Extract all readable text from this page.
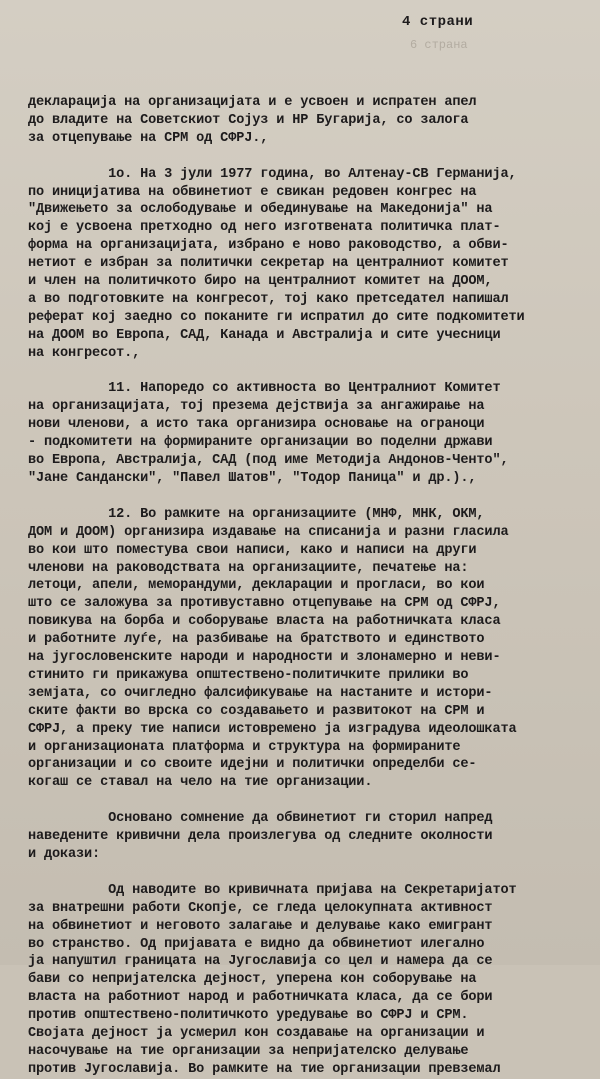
6 страна
4 страни
декларација на организацијата и е усвоен и испратен апел
до владите на Советскиот Сојуз и НР Бугарија, со залога
за отцепување на СРМ од СФРЈ.,
1о. На 3 јули 1977 година, во Алтенау-СВ Германија,
по иницијатива на обвинетиот е свикан редовен конгрес на
"Движењето за ослободување и обединување на Македонија" на
кој е усвоена претходно од него изготвената политичка плат-
форма на организацијата, избрано е ново раководство, а обви-
нетиот е избран за политички секретар на централниот комитет
и член на политичкото биро на централниот комитет на ДООМ,
а во подготовките на конгресот, тој како претседател напишал
реферат кој заедно со поканите ги испратил до сите подкомитети
на ДООМ во Европа, САД, Канада и Австралија и сите учесници
на конгресот.,
11. Напоредо со активноста во Централниот Комитет
на организацијата, тој презема дејствија за ангажирање на
нови членови, а исто така организира основање на ограноци
- подкомитети на формираните организации во поделни држави
во Европа, Австралија, САД (под име Методија Андонов-Ченто",
"Јане Сандански", "Павел Шатов", "Тодор Паница" и др.).,
12. Во рамките на организациите (МНФ, МНК, ОКМ,
ДОМ и ДООМ) организира издавање на списанија и разни гласила
во кои што поместува свои написи, како и написи на други
членови на раководствата на организациите, печатење на:
летоци, апели, меморандуми, декларации и прогласи, во кои
што се заложува за противуставно отцепување на СРМ од СФРЈ,
повикува на борба и соборување власта на работничката класа
и работните луѓе, на разбивање на братството и единството
на југословенските народи и народности и злонамерно и неви-
стинито ги прикажува општествено-политичките прилики во
земјата, со очигледно фалсификување на настаните и истори-
ските факти во врска со создавањето и развитокот на СРМ и
СФРЈ, а преку тие написи истовремено ја изградува идеолошката
и организационата платформа и структура на формираните
организации и со своите идејни и политички определби се-
когаш се ставал на чело на тие организации.
Основано сомнение да обвинетиот ги сторил напред
наведените кривични дела произлегува од следните околности
и докази:
Од наводите во кривичната пријава на Секретаријатот
за внатрешни работи Скопје, се гледа целокупната активност
на обвинетиот и неговото залагање и делување како емигрант
во странство. Од пријавата е видно да обвинетиот илегално
ја напуштил границата на Југославија со цел и намера да се
бави со непријателска дејност, уперена кон соборување на
власта на работниот народ и работничката класа, да се бори
против општествено-политичкото уредување во СФРЈ и СРМ.
Својата дејност ја усмерил кон создавање на организации и
насочување на тие организации за непријателско делување
против Југославија. Во рамките на тие организации превземал
